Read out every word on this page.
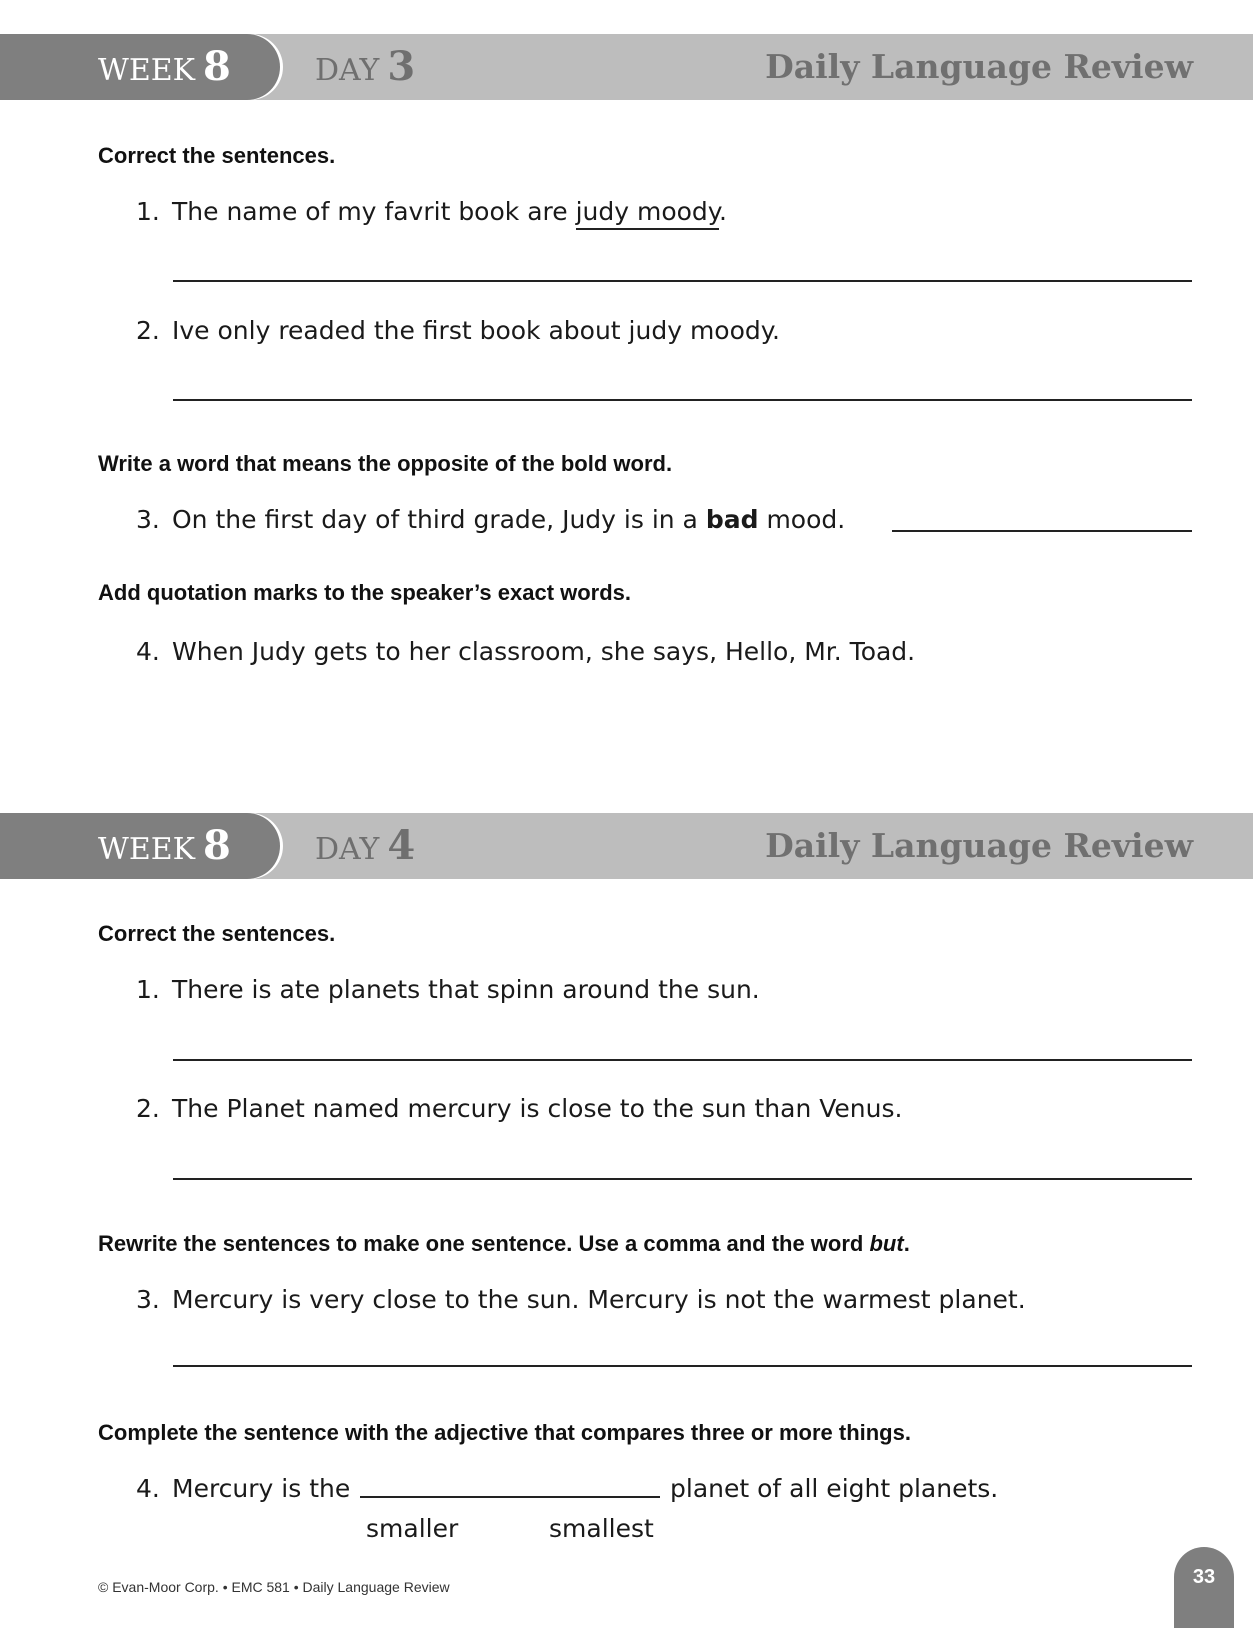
WEEK 8	DAY 3	Daily Language Review
Correct the sentences.
1. The name of my favrit book are judy moody.
2. Ive only readed the first book about judy moody.
Write a word that means the opposite of the bold word.
3. On the first day of third grade, Judy is in a bad mood.
Add quotation marks to the speaker’s exact words.
4. When Judy gets to her classroom, she says, Hello, Mr. Toad.
WEEK 8	DAY 4	Daily Language Review
Correct the sentences.
1. There is ate planets that spinn around the sun.
2. The Planet named mercury is close to the sun than Venus.
Rewrite the sentences to make one sentence. Use a comma and the word but.
3. Mercury is very close to the sun. Mercury is not the warmest planet.
Complete the sentence with the adjective that compares three or more things.
4. Mercury is the	planet of all eight planets.
smaller	smallest
© Evan-Moor Corp. • EMC 581 • Daily Language Review	33
